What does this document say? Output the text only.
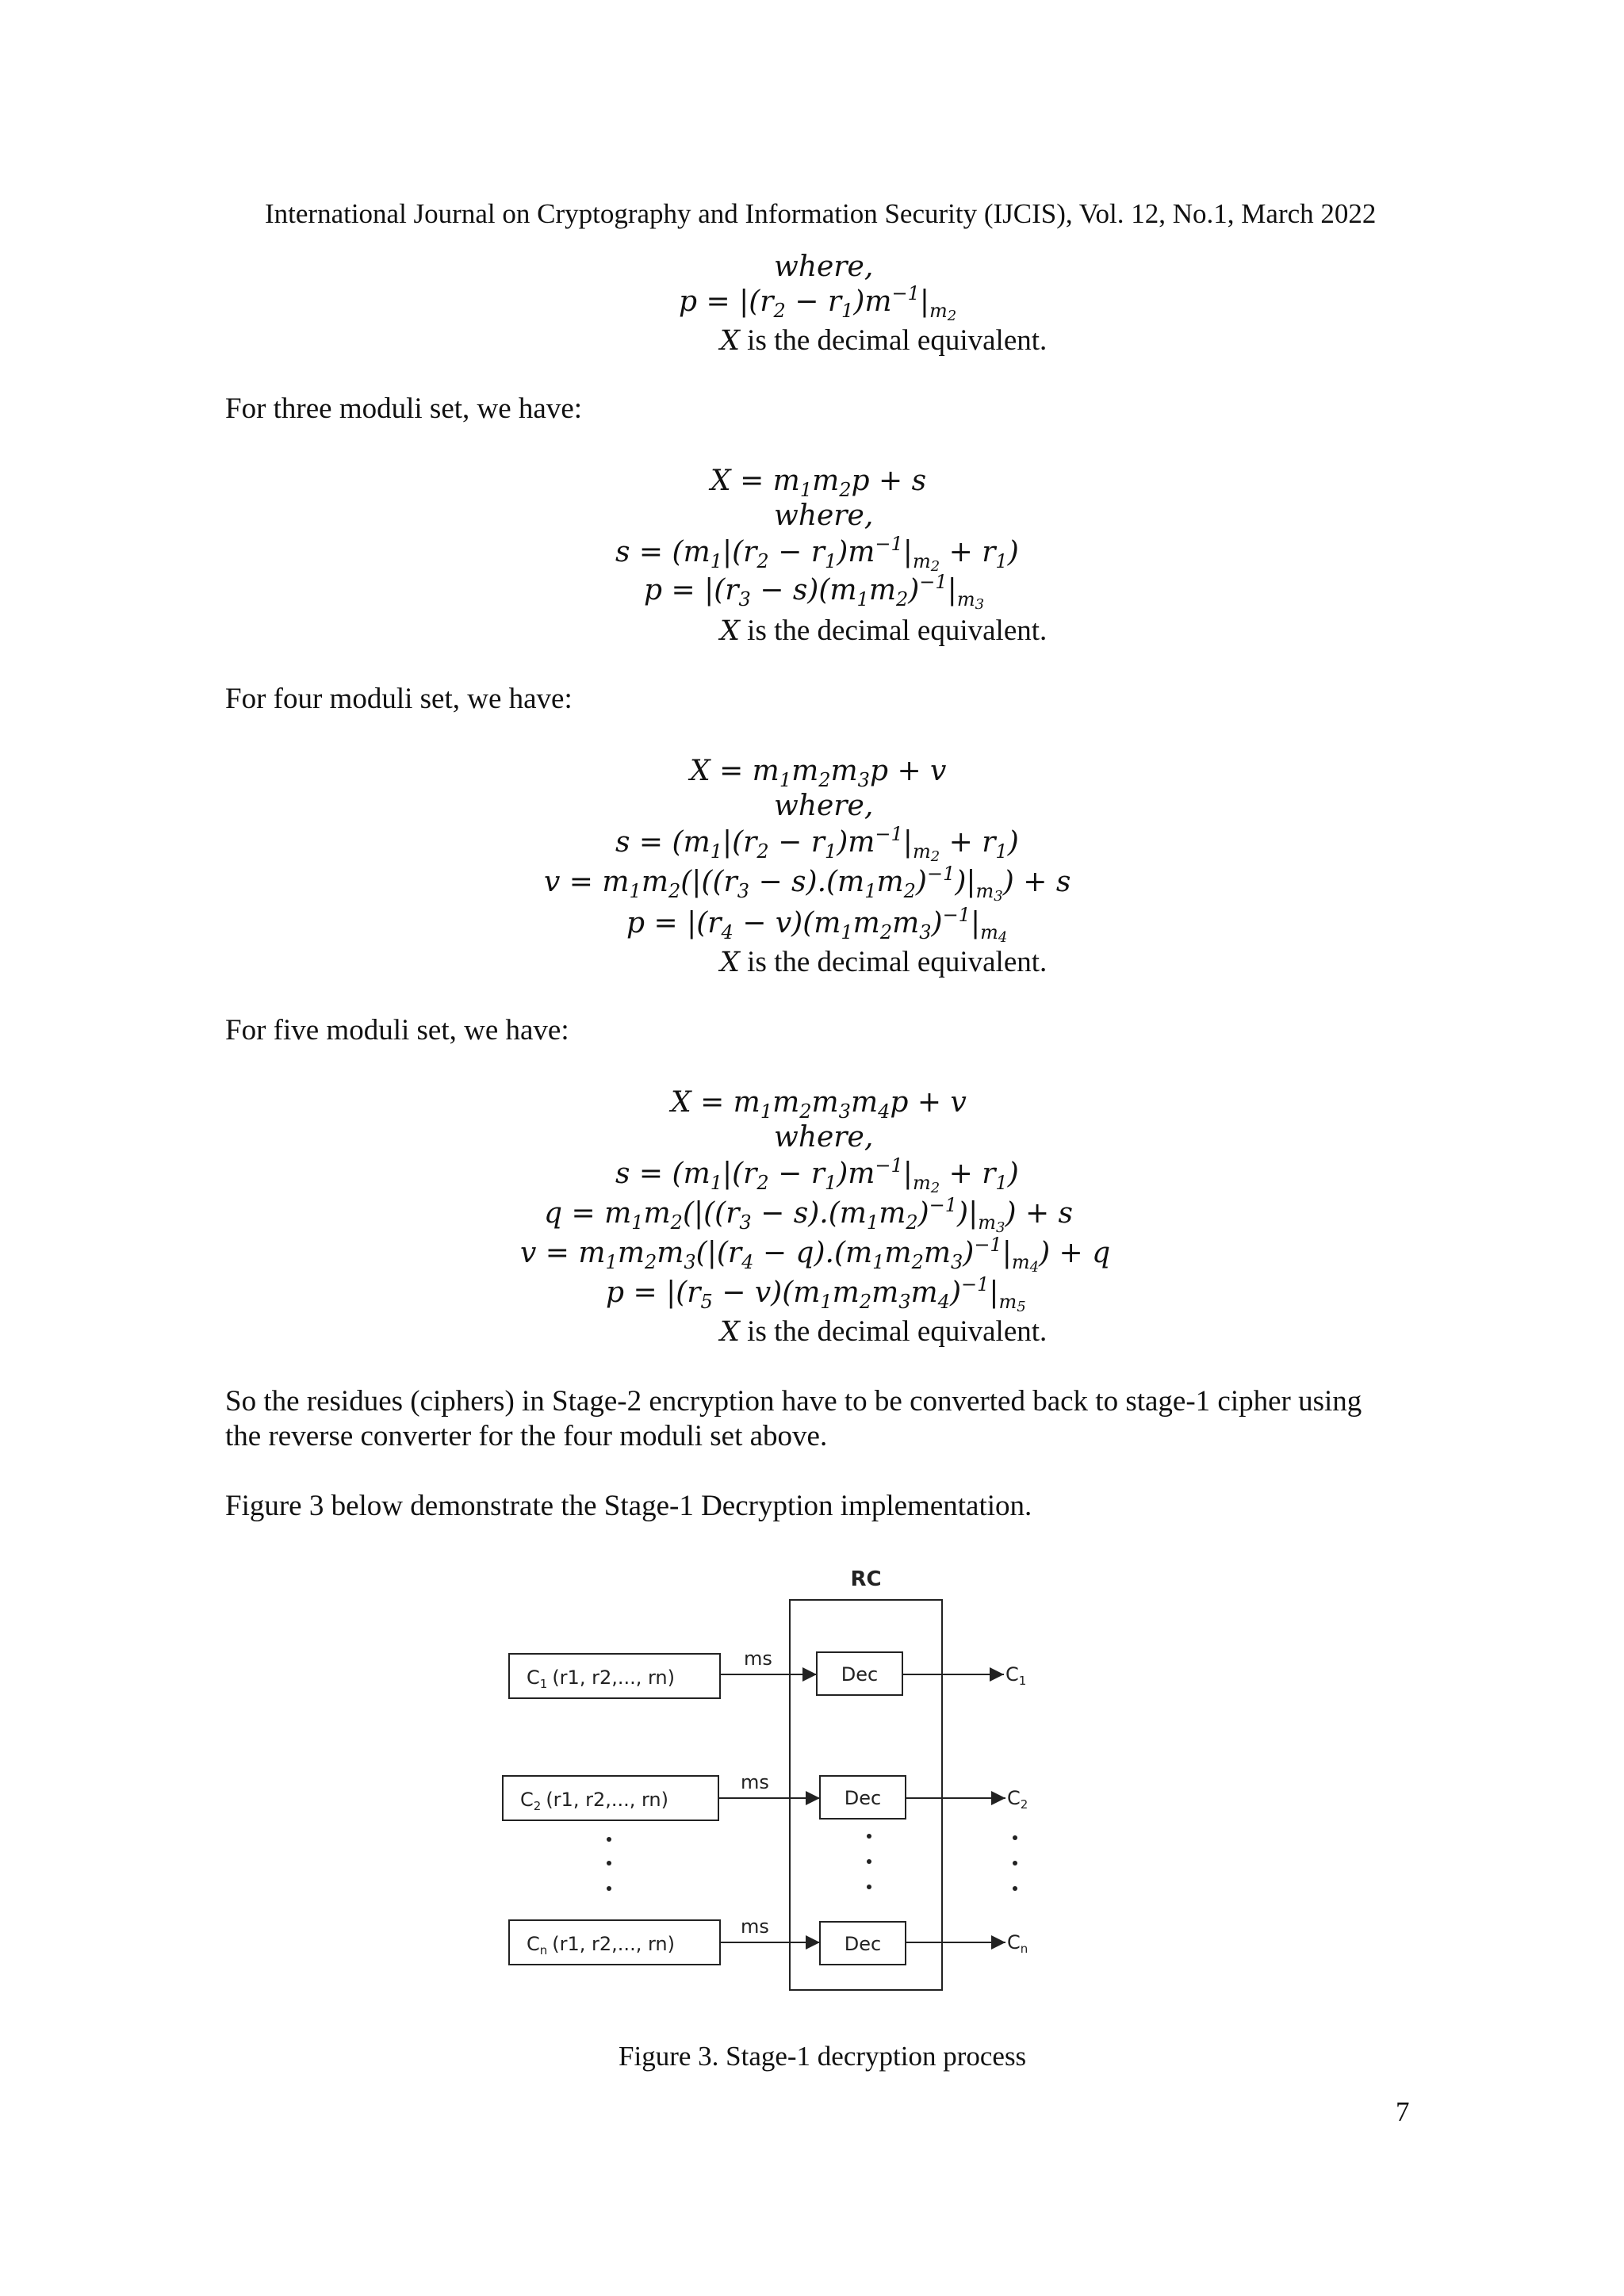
International Journal on Cryptography and Information Security (IJCIS), Vol. 12, No.1, March 2022
where,
$p = |(r_2 - r_1)m^{-1}|_{m_2}$
X is the decimal equivalent.
For three moduli set, we have:
$X = m_1m_2p + s$
where,
$s = (m_1|(r_2 - r_1)m^{-1}|_{m_2} + r_1)$
$p = |(r_3 - s)(m_1m_2)^{-1}|_{m_3}$
X is the decimal equivalent.
For four moduli set, we have:
$X = m_1m_2m_3p + v$
where,
$s = (m_1|(r_2 - r_1)m^{-1}|_{m_2} + r_1)$
$v = m_1m_2(|((r_3 - s).(m_1m_2)^{-1})|_{m_3}) + s$
$p = |(r_4 - v)(m_1m_2m_3)^{-1}|_{m_4}$
X is the decimal equivalent.
For five moduli set, we have:
$X = m_1m_2m_3m_4p + v$
where,
$s = (m_1|(r_2 - r_1)m^{-1}|_{m_2} + r_1)$
$q = m_1m_2(|((r_3 - s).(m_1m_2)^{-1})|_{m_3}) + s$
$v = m_1m_2m_3(|(r_4 - q).(m_1m_2m_3)^{-1}|_{m_4}) + q$
$p = |(r_5 - v)(m_1m_2m_3m_4)^{-1}|_{m_5}$
X is the decimal equivalent.
So the residues (ciphers) in Stage-2 encryption have to be converted back to stage-1 cipher using
the reverse converter for the four moduli set above.
Figure 3 below demonstrate the Stage-1 Decryption implementation.
RC
$C_1$ (r1, r2,..., rn)
ms
Dec	$C_1$
$C_2$ (r1, r2,..., rn)
ms
Dec	$C_2$
$C_n$ (r1, r2,..., rn)
ms
Dec	$C_n$
Figure 3. Stage-1 decryption process
7
